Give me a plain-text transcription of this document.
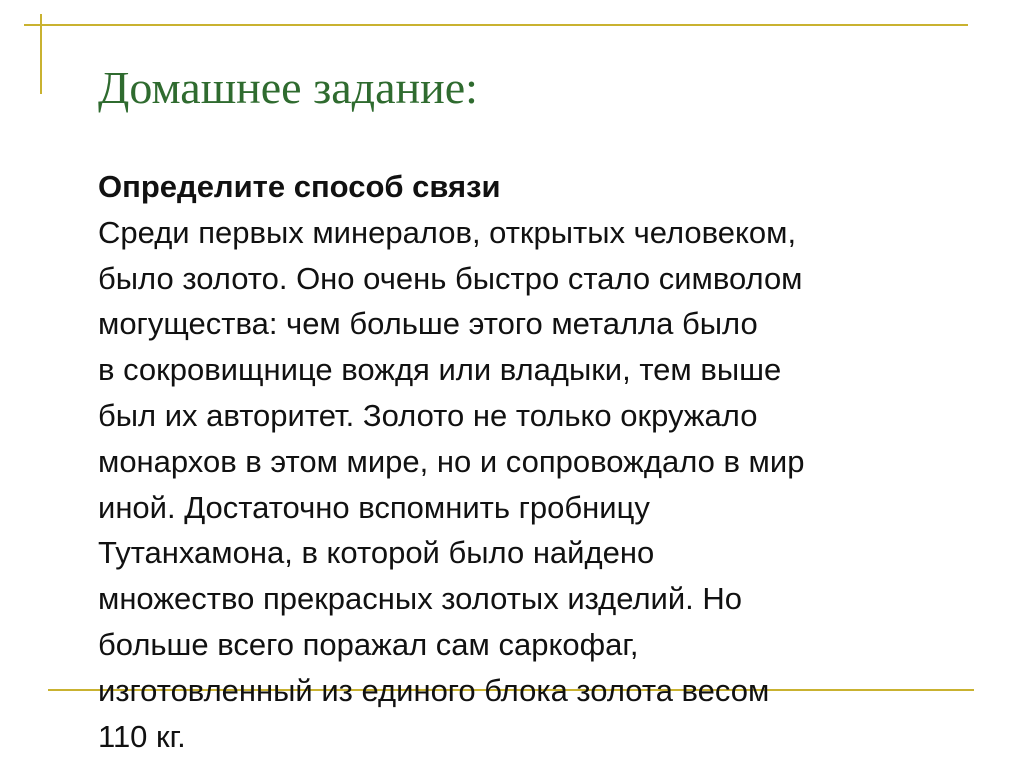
Домашнее задание:
Определите способ связи
Среди первых минералов, открытых человеком,
было золото. Оно очень быстро стало символом
могущества: чем больше этого металла было
в сокровищнице вождя или владыки, тем выше
был их авторитет. Золото не только окружало
монархов в этом мире, но и сопровождало в мир
иной. Достаточно вспомнить гробницу
Тутанхамона, в которой было найдено
множество прекрасных золотых изделий. Но
больше всего поражал сам саркофаг,
изготовленный из единого блока золота весом
110 кг.
